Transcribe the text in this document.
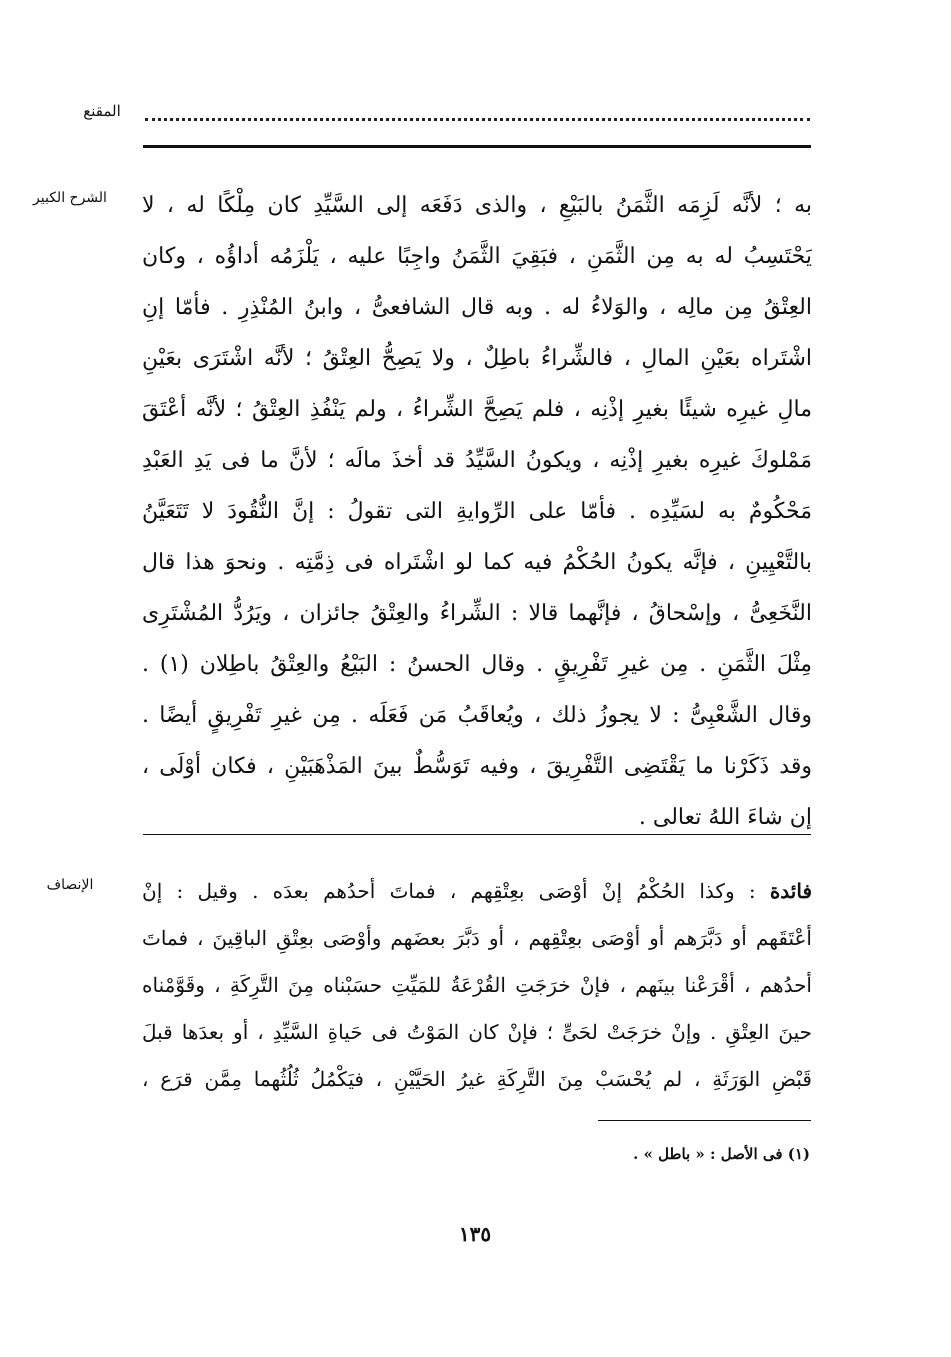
المقنع
الشرح الكبير	به ؛ لأنَّه لَزِمَه الثَّمَنُ بالبَيْعِ ، والذى دَفَعَه إلى السَّيِّدِ كان مِلْكًا له ، لا
يَحْتَسِبُ له به مِن الثَّمَنِ ، فبَقِيَ الثَّمَنُ واجِبًا عليه ، يَلْزَمُه أداؤُه ، وكان
العِتْقُ مِن مالِه ، والوَلاءُ له . وبه قال الشافعىُّ ، وابنُ المُنْذِرِ . فأمّا إنِ
اشْتَراه بعَيْنِ المالِ ، فالشِّراءُ باطِلٌ ، ولا يَصِحُّ العِتْقُ ؛ لأنَّه اشْتَرَى بعَيْنِ
مالِ غيرِه شيئًا بغيرِ إذْنِه ، فلم يَصِحَّ الشِّراءُ ، ولم يَنْفُذِ العِتْقُ ؛ لأنَّه أعْتَقَ
مَمْلوكَ غيرِه بغيرِ إذْنِه ، ويكونُ السَّيِّدُ قد أخذَ مالَه ؛ لأنَّ ما فى يَدِ العَبْدِ
مَحْكُومٌ به لسَيِّدِه . فأمّا على الرِّوايةِ التى تقولُ : إنَّ النُّقُودَ لا تَتَعَيَّنُ
بالتَّعْيِينِ ، فإنَّه يكونُ الحُكْمُ فيه كما لو اشْتَراه فى ذِمَّتِه . ونحوَ هذا قال
النَّخَعِىُّ ، وإسْحاقُ ، فإنَّهما قالا : الشِّراءُ والعِتْقُ جائزان ، ويَرُدُّ المُشْتَرِى
مِثْلَ الثَّمَنِ . مِن غيرِ تَفْرِيقٍ . وقال الحسنُ : البَيْعُ والعِتْقُ باطِلان (١) .
وقال الشَّعْبِىُّ : لا يجوزُ ذلك ، ويُعاقَبُ مَن فَعَلَه . مِن غيرِ تَفْرِيقٍ أيضًا .
وقد ذَكَرْنا ما يَقْتَضِى التَّفْرِيقَ ، وفيه تَوَسُّطٌ بينَ المَذْهَبَيْنِ ، فكان أوْلَى ،
إن شاءَ اللهُ تعالى .
الإنصاف	فائدة : وكذا الحُكْمُ إنْ أوْصَى بعِتْقِهم ، فماتَ أحدُهم بعدَه . وقيل : إنْ
أعْتَقَهم أو دَبَّرَهم أو أوْصَى بعِتْقِهم ، أو دَبَّرَ بعضَهم وأوْصَى بعِتْقِ الباقِينَ ، فماتَ
أحدُهم ، أقْرَعْنا بينَهم ، فإنْ خرَجَتِ القُرْعَةُ للمَيِّتِ حسَبْناه مِنَ التَّرِكَةِ ، وقَوَّمْناه
حينَ العِتْقِ . وإنْ خرَجَتْ لحَىٍّ ؛ فإنْ كان المَوْتُ فى حَياةِ السَّيِّدِ ، أو بعدَها قبلَ
قَبْضِ الوَرَثَةِ ، لم يُحْسَبْ مِنَ التَّرِكَةِ غيرُ الحَيَّيْنِ ، فيَكْمُلُ ثُلُثُهما مِمَّن قرَع ،
(١) فى الأصل : « باطل » .
١٣٥
